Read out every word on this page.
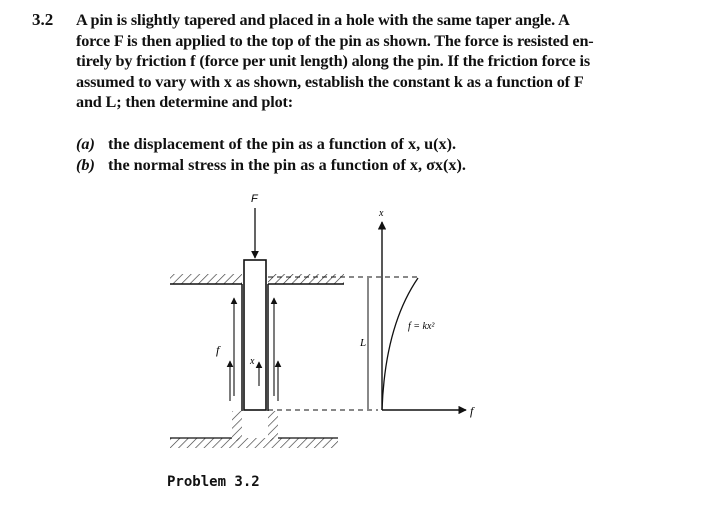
3.2 A pin is slightly tapered and placed in a hole with the same taper angle. A
force F is then applied to the top of the pin as shown. The force is resisted en-
tirely by friction f (force per unit length) along the pin. If the friction force is
assumed to vary with x as shown, establish the constant k as a function of F
and L; then determine and plot:
(a) the displacement of the pin as a function of x, u(x).
(b) the normal stress in the pin as a function of x, σx(x).
F
f
x
L
x
f
f = kx²
Problem 3.2
